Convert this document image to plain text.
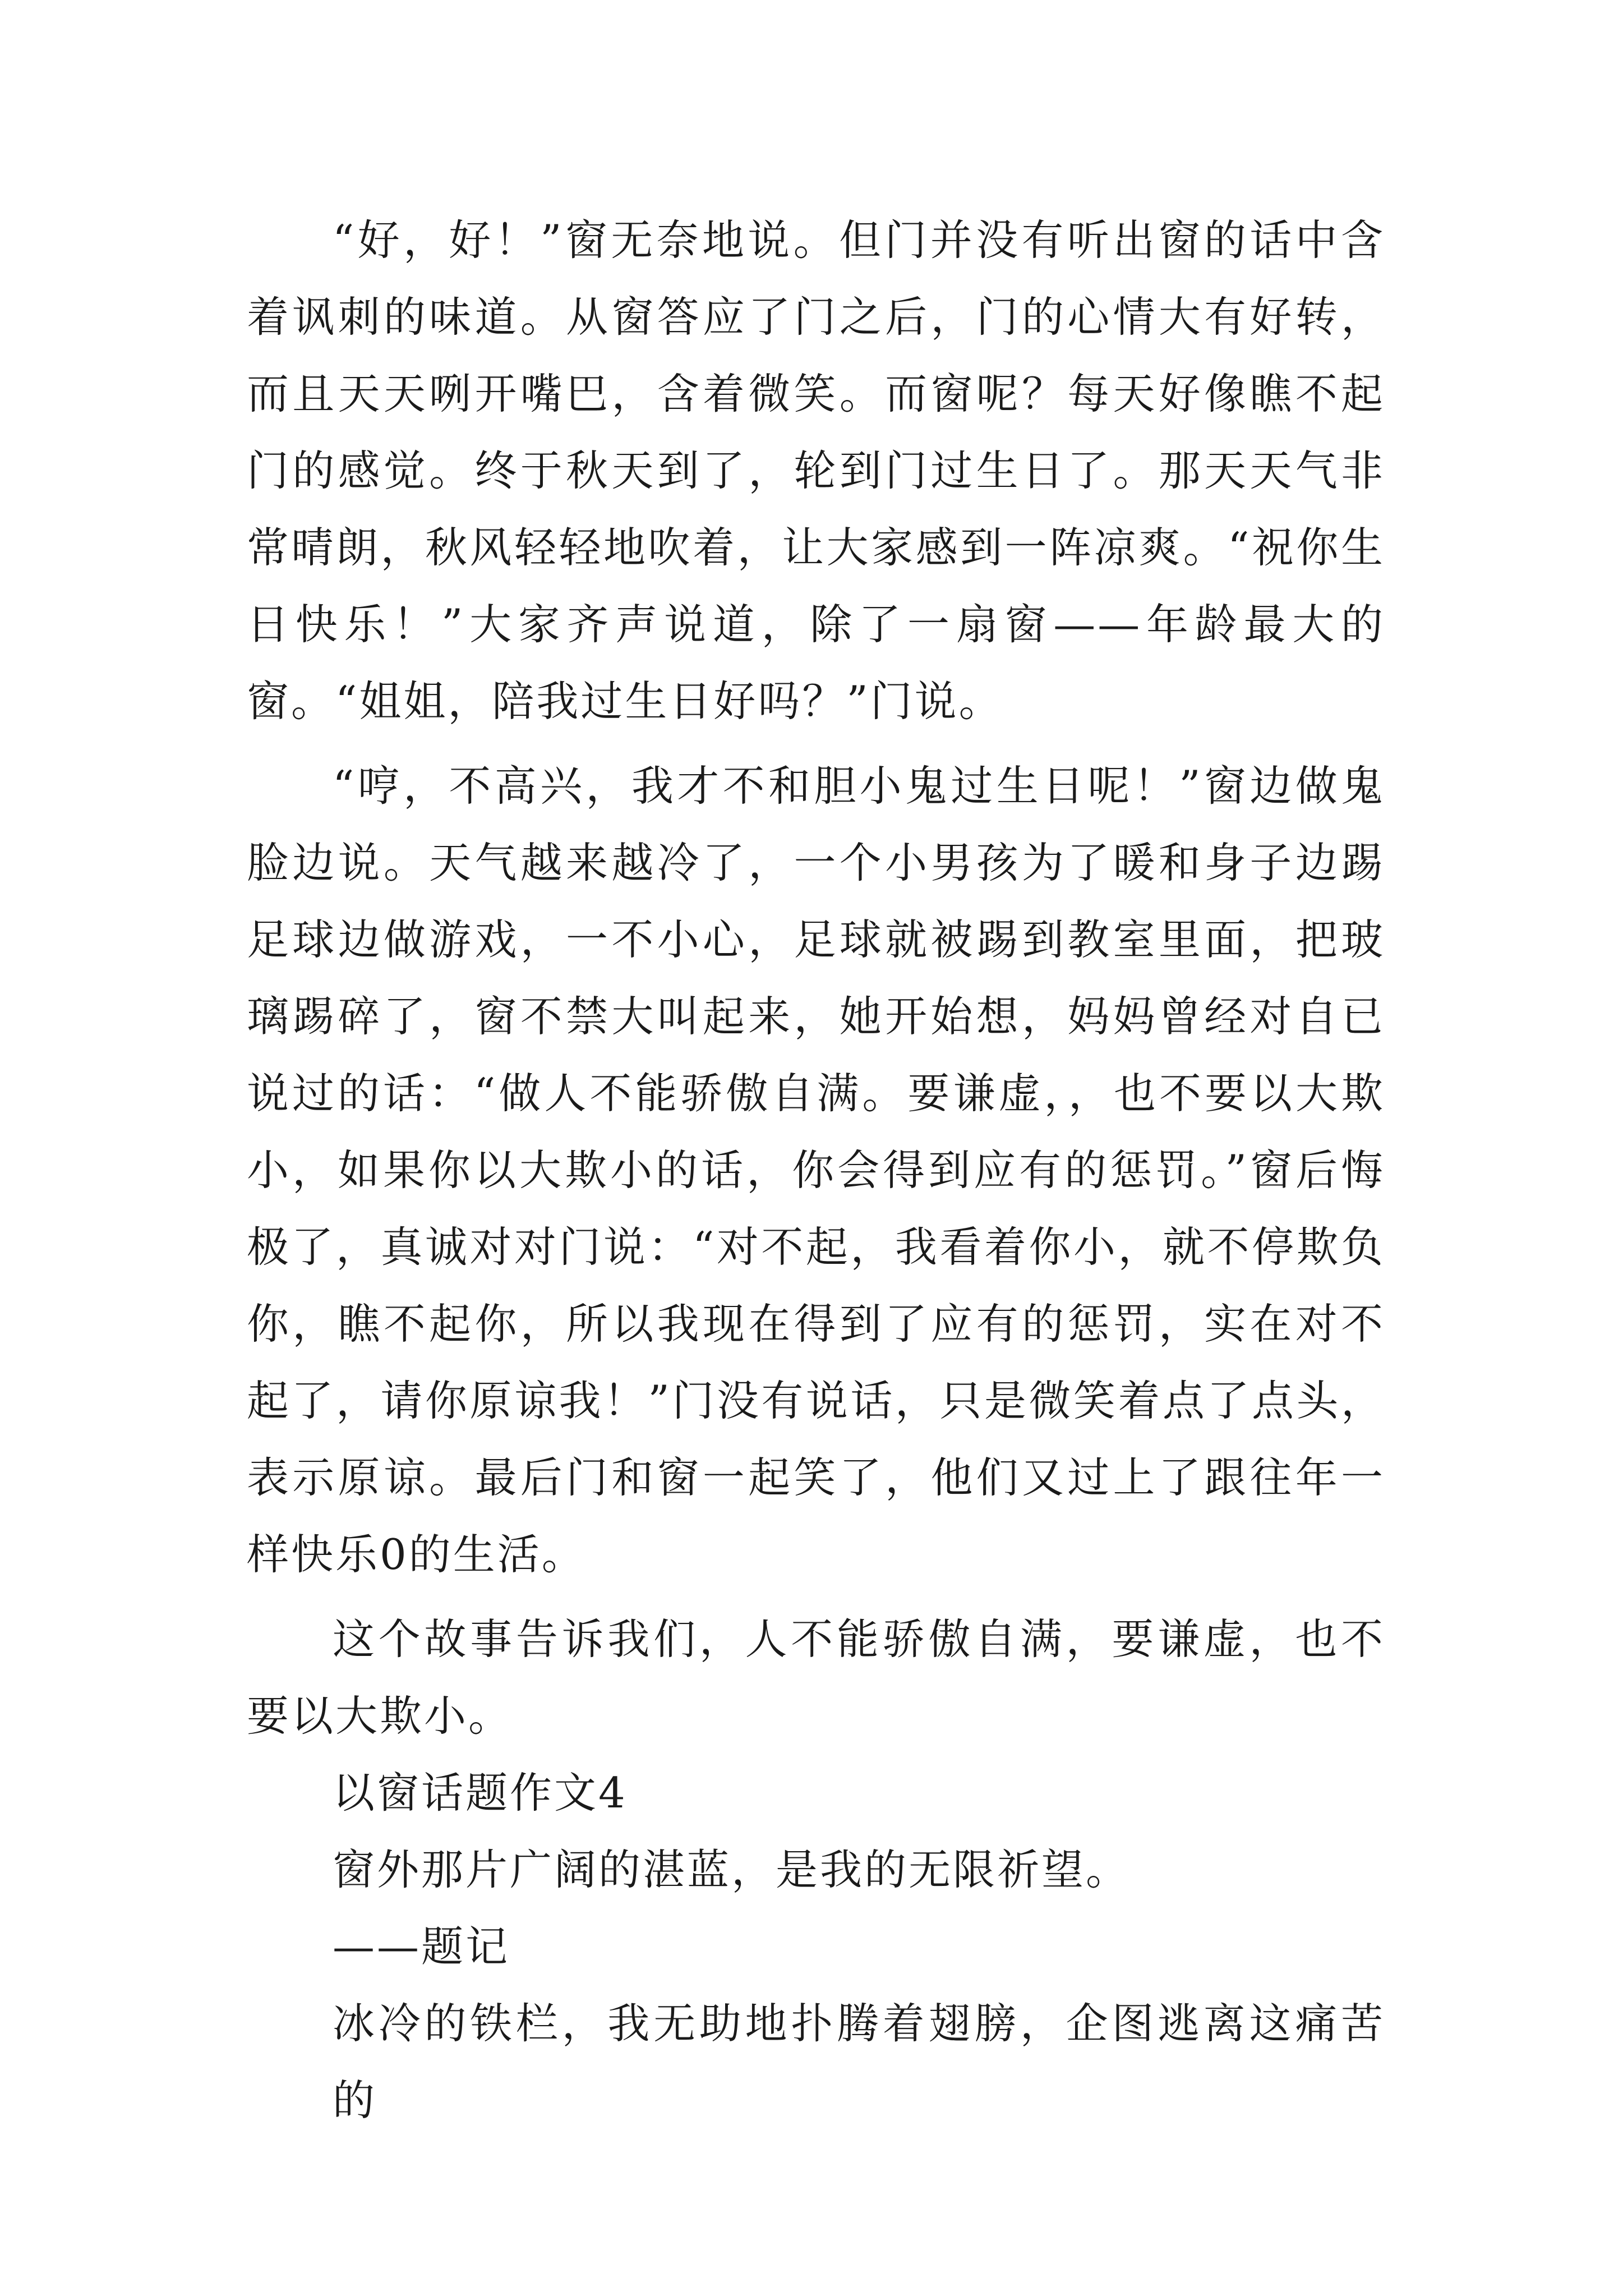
“好，好！”窗无奈地说。但门并没有听出窗的话中含着讽刺的味道。从窗答应了门之后，门的心情大有好转，而且天天咧开嘴巴，含着微笑。而窗呢？每天好像瞧不起门的感觉。终于秋天到了，轮到门过生日了。那天天气非常晴朗，秋风轻轻地吹着，让大家感到一阵凉爽。“祝你生日快乐！”大家齐声说道，除了一扇窗——年龄最大的窗。“姐姐，陪我过生日好吗？”门说。

“哼，不高兴，我才不和胆小鬼过生日呢！”窗边做鬼脸边说。天气越来越冷了，一个小男孩为了暖和身子边踢足球边做游戏，一不小心，足球就被踢到教室里面，把玻璃踢碎了，窗不禁大叫起来，她开始想，妈妈曾经对自已说过的话：“做人不能骄傲自满。要谦虚，，也不要以大欺小，如果你以大欺小的话，你会得到应有的惩罚。”窗后悔极了，真诚对对门说：“对不起，我看着你小，就不停欺负你，瞧不起你，所以我现在得到了应有的惩罚，实在对不起了，请你原谅我！”门没有说话，只是微笑着点了点头，表示原谅。最后门和窗一起笑了，他们又过上了跟往年一样快乐0的生活。

这个故事告诉我们，人不能骄傲自满，要谦虚，也不要以大欺小。

以窗话题作文4

窗外那片广阔的湛蓝，是我的无限祈望。

——题记

冰冷的铁栏，我无助地扑腾着翅膀，企图逃离这痛苦的
